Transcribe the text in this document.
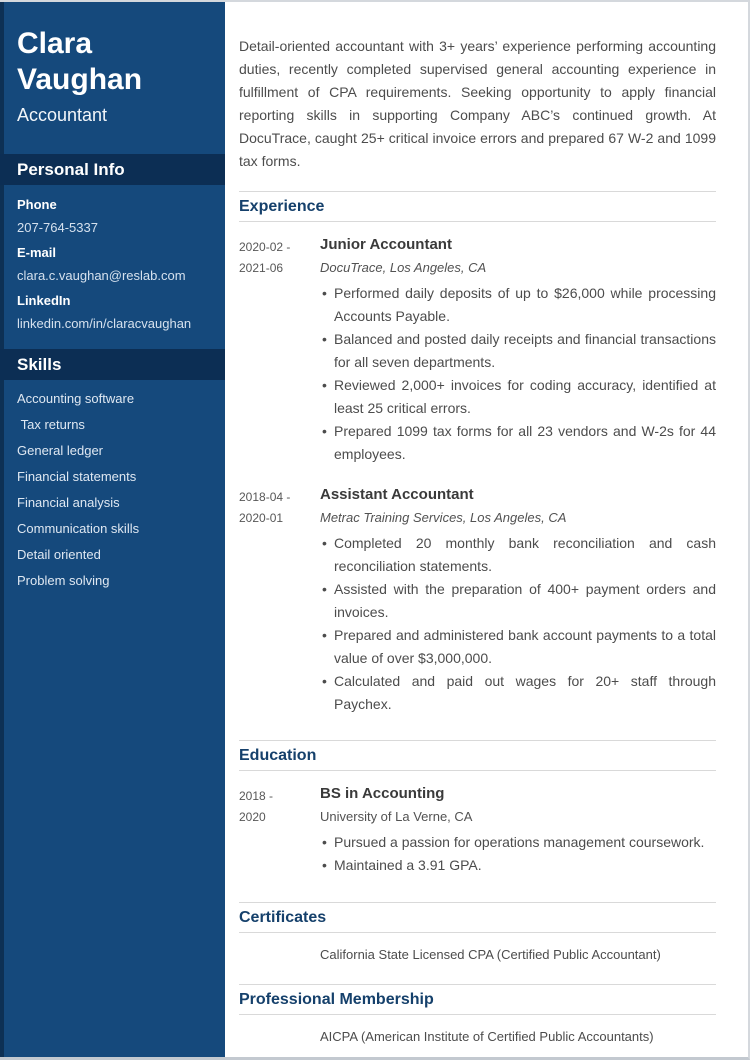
Clara
Vaughan
Accountant
Personal Info
Phone
207-764-5337
E-mail
clara.c.vaughan@reslab.com
LinkedIn
linkedin.com/in/claracvaughan
Skills
Accounting software
Tax returns
General ledger
Financial statements
Financial analysis
Communication skills
Detail oriented
Problem solving

Detail-oriented accountant with 3+ years’ experience performing accounting duties, recently completed supervised general accounting experience in fulfillment of CPA requirements. Seeking opportunity to apply financial reporting skills in supporting Company ABC’s continued growth. At DocuTrace, caught 25+ critical invoice errors and prepared 67 W-2 and 1099 tax forms.

Experience
2020-02 -
2021-06
Junior Accountant
DocuTrace, Los Angeles, CA
• Performed daily deposits of up to $26,000 while processing Accounts Payable.
• Balanced and posted daily receipts and financial transactions for all seven departments.
• Reviewed 2,000+ invoices for coding accuracy, identified at least 25 critical errors.
• Prepared 1099 tax forms for all 23 vendors and W-2s for 44 employees.
2018-04 -
2020-01
Assistant Accountant
Metrac Training Services, Los Angeles, CA
• Completed 20 monthly bank reconciliation and cash reconciliation statements.
• Assisted with the preparation of 400+ payment orders and invoices.
• Prepared and administered bank account payments to a total value of over $3,000,000.
• Calculated and paid out wages for 20+ staff through Paychex.
Education
2018 -
2020
BS in Accounting
University of La Verne, CA
• Pursued a passion for operations management coursework.
• Maintained a 3.91 GPA.
Certificates
California State Licensed CPA (Certified Public Accountant)
Professional Membership
AICPA (American Institute of Certified Public Accountants)
